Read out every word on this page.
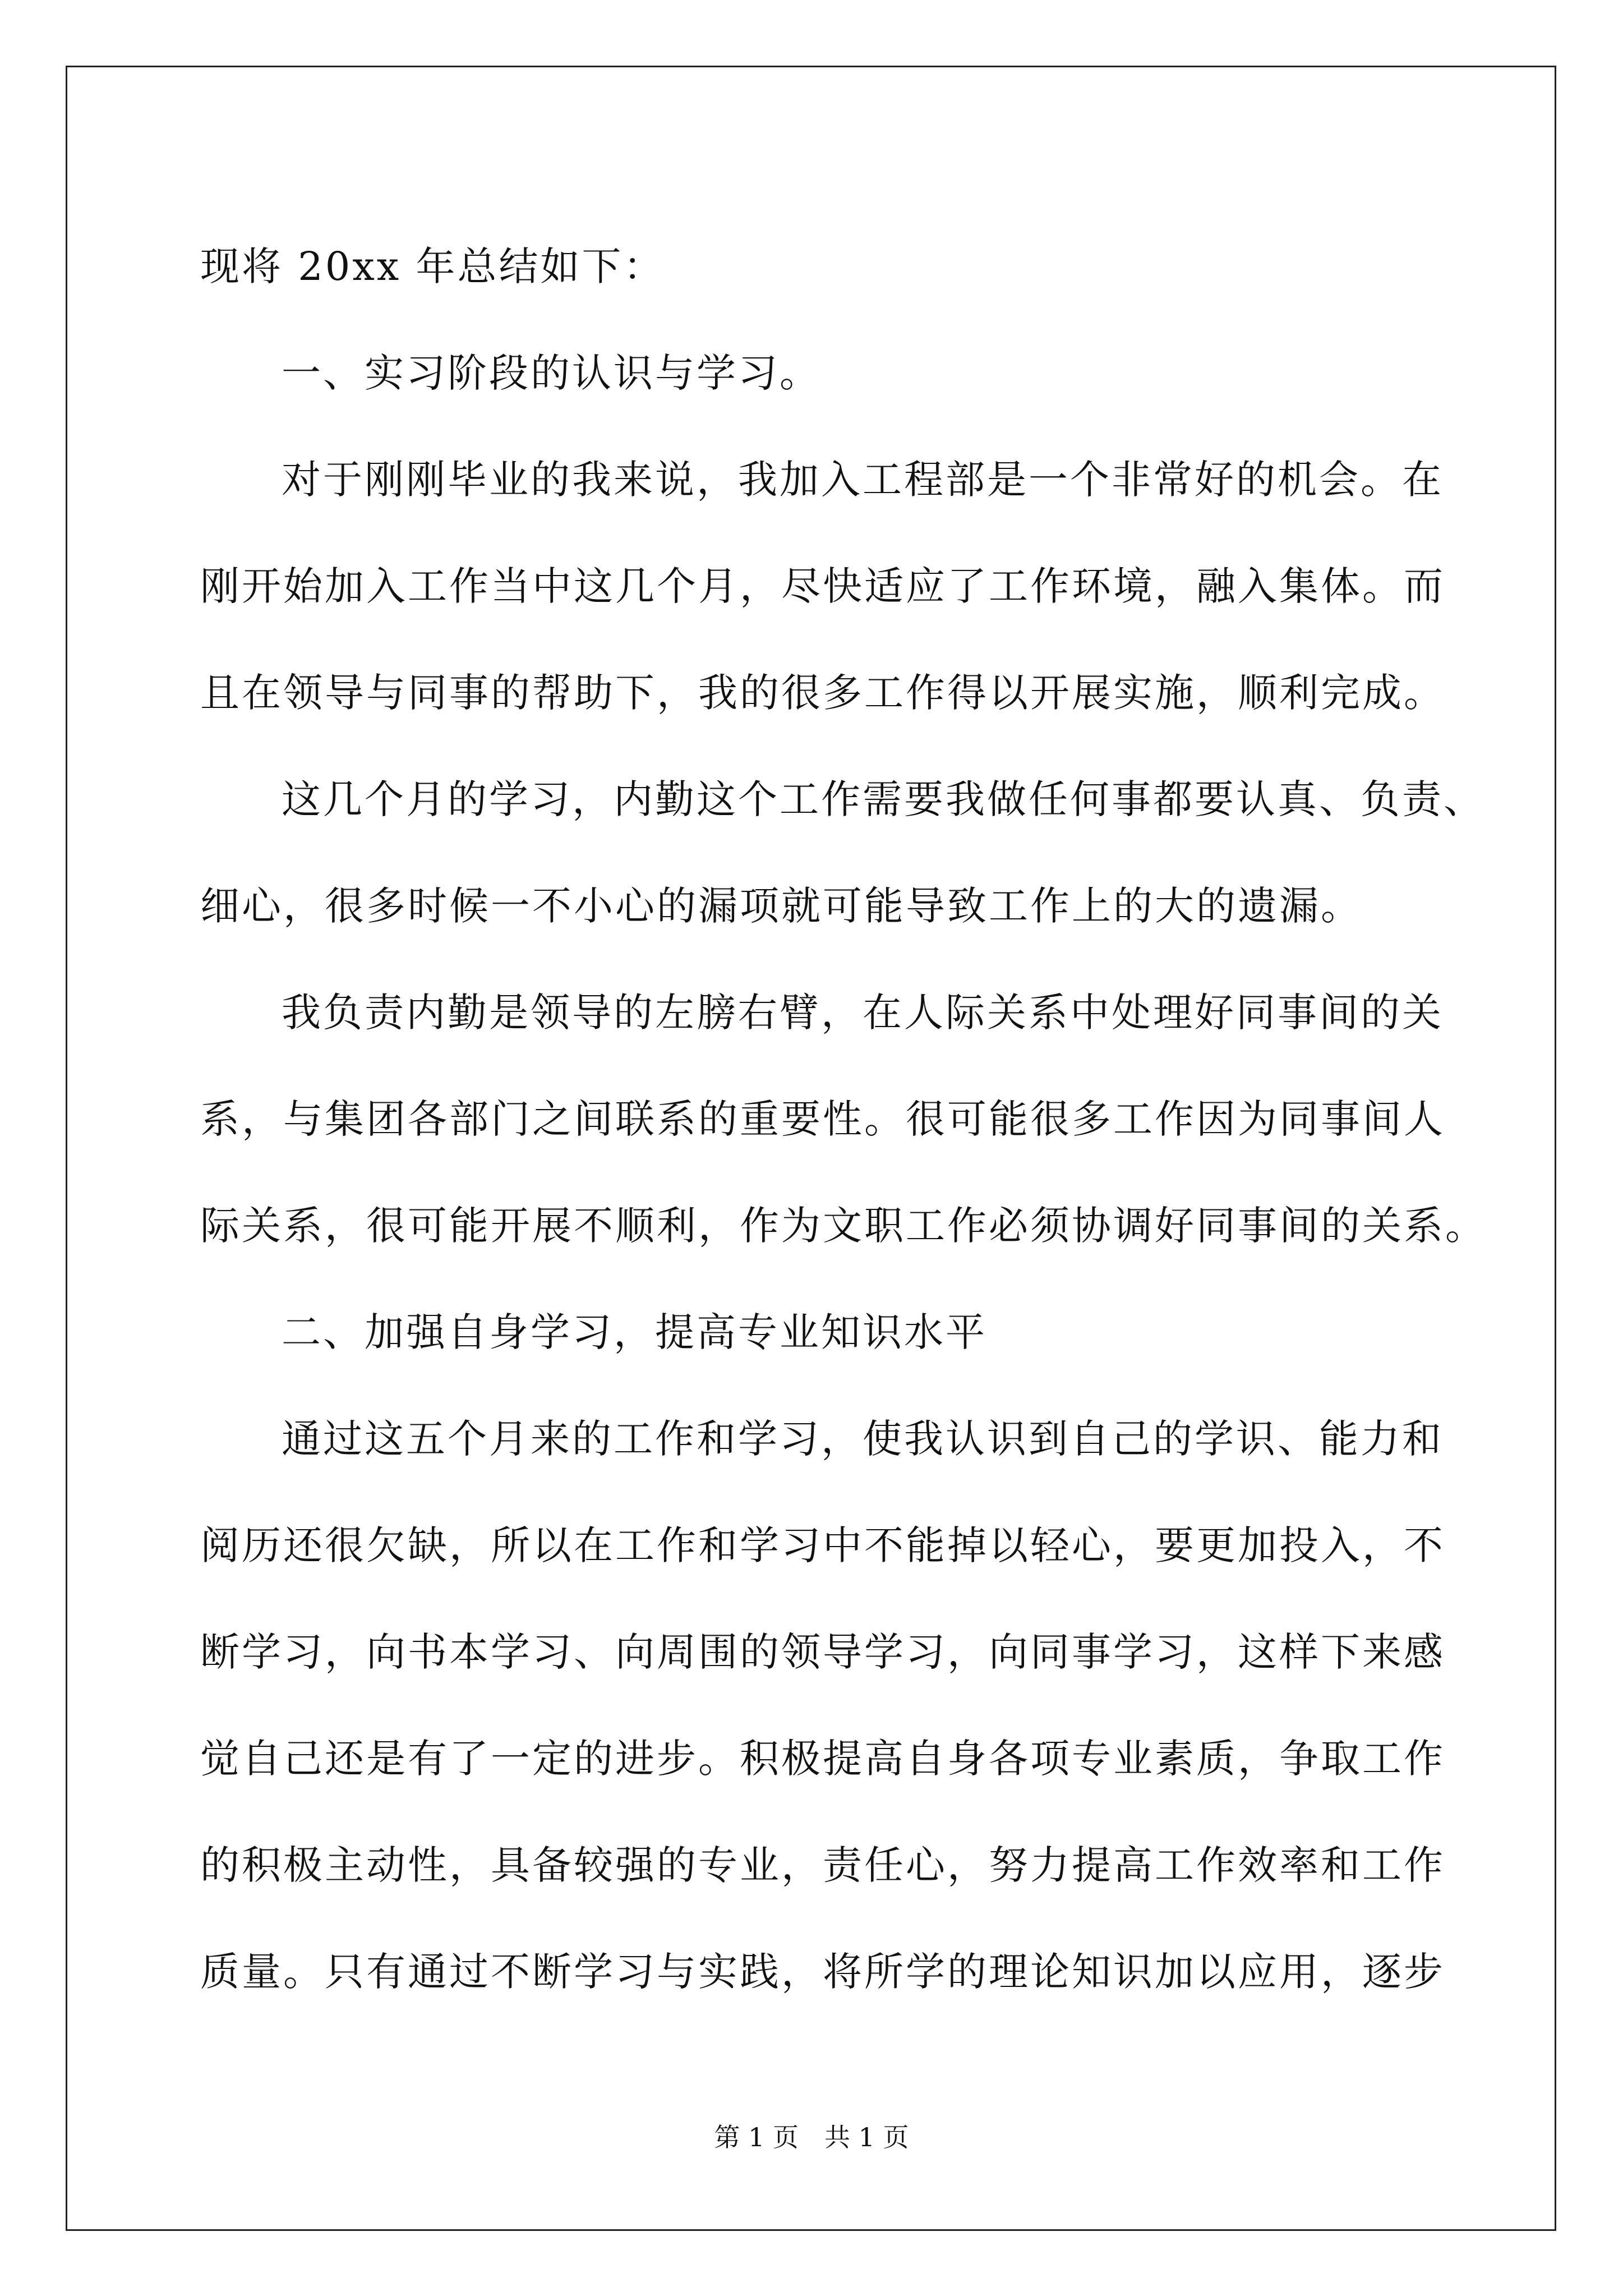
现将 20xx 年总结如下：
一、实习阶段的认识与学习。
对于刚刚毕业的我来说，我加入工程部是一个非常好的机会。在
刚开始加入工作当中这几个月，尽快适应了工作环境，融入集体。而
且在领导与同事的帮助下，我的很多工作得以开展实施，顺利完成。
这几个月的学习，内勤这个工作需要我做任何事都要认真、负责、
细心，很多时候一不小心的漏项就可能导致工作上的大的遗漏。
我负责内勤是领导的左膀右臂，在人际关系中处理好同事间的关
系，与集团各部门之间联系的重要性。很可能很多工作因为同事间人
际关系，很可能开展不顺利，作为文职工作必须协调好同事间的关系。
二、加强自身学习，提高专业知识水平
通过这五个月来的工作和学习，使我认识到自己的学识、能力和
阅历还很欠缺，所以在工作和学习中不能掉以轻心，要更加投入，不
断学习，向书本学习、向周围的领导学习，向同事学习，这样下来感
觉自己还是有了一定的进步。积极提高自身各项专业素质，争取工作
的积极主动性，具备较强的专业，责任心，努力提高工作效率和工作
质量。只有通过不断学习与实践，将所学的理论知识加以应用，逐步
第 1 页　共 1 页
